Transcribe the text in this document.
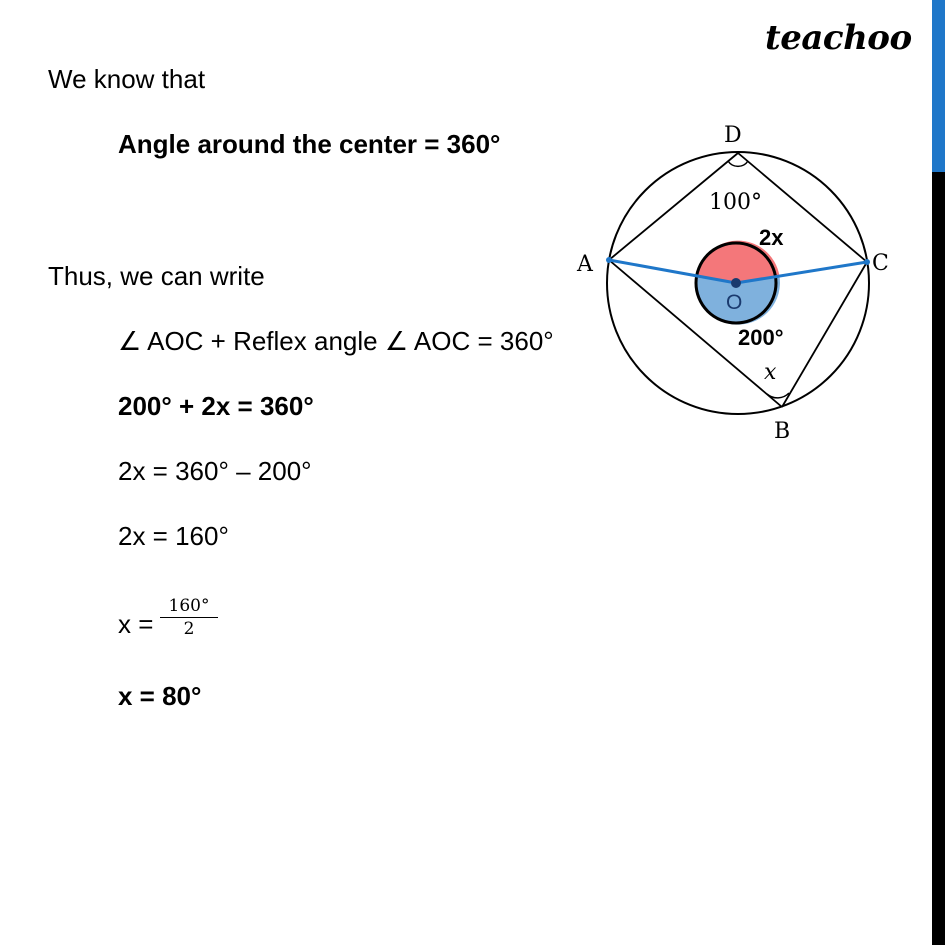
teachoo
We know that
Angle around the center = 360°
Thus, we can write
∠ AOC + Reflex angle ∠ AOC = 360°
200° + 2x = 360°
2x = 360° – 200°
2x = 160°
$x = \frac{160^\circ}{2}$
x = 80°
D
A	C
B
O
100°
x
2x
200°
